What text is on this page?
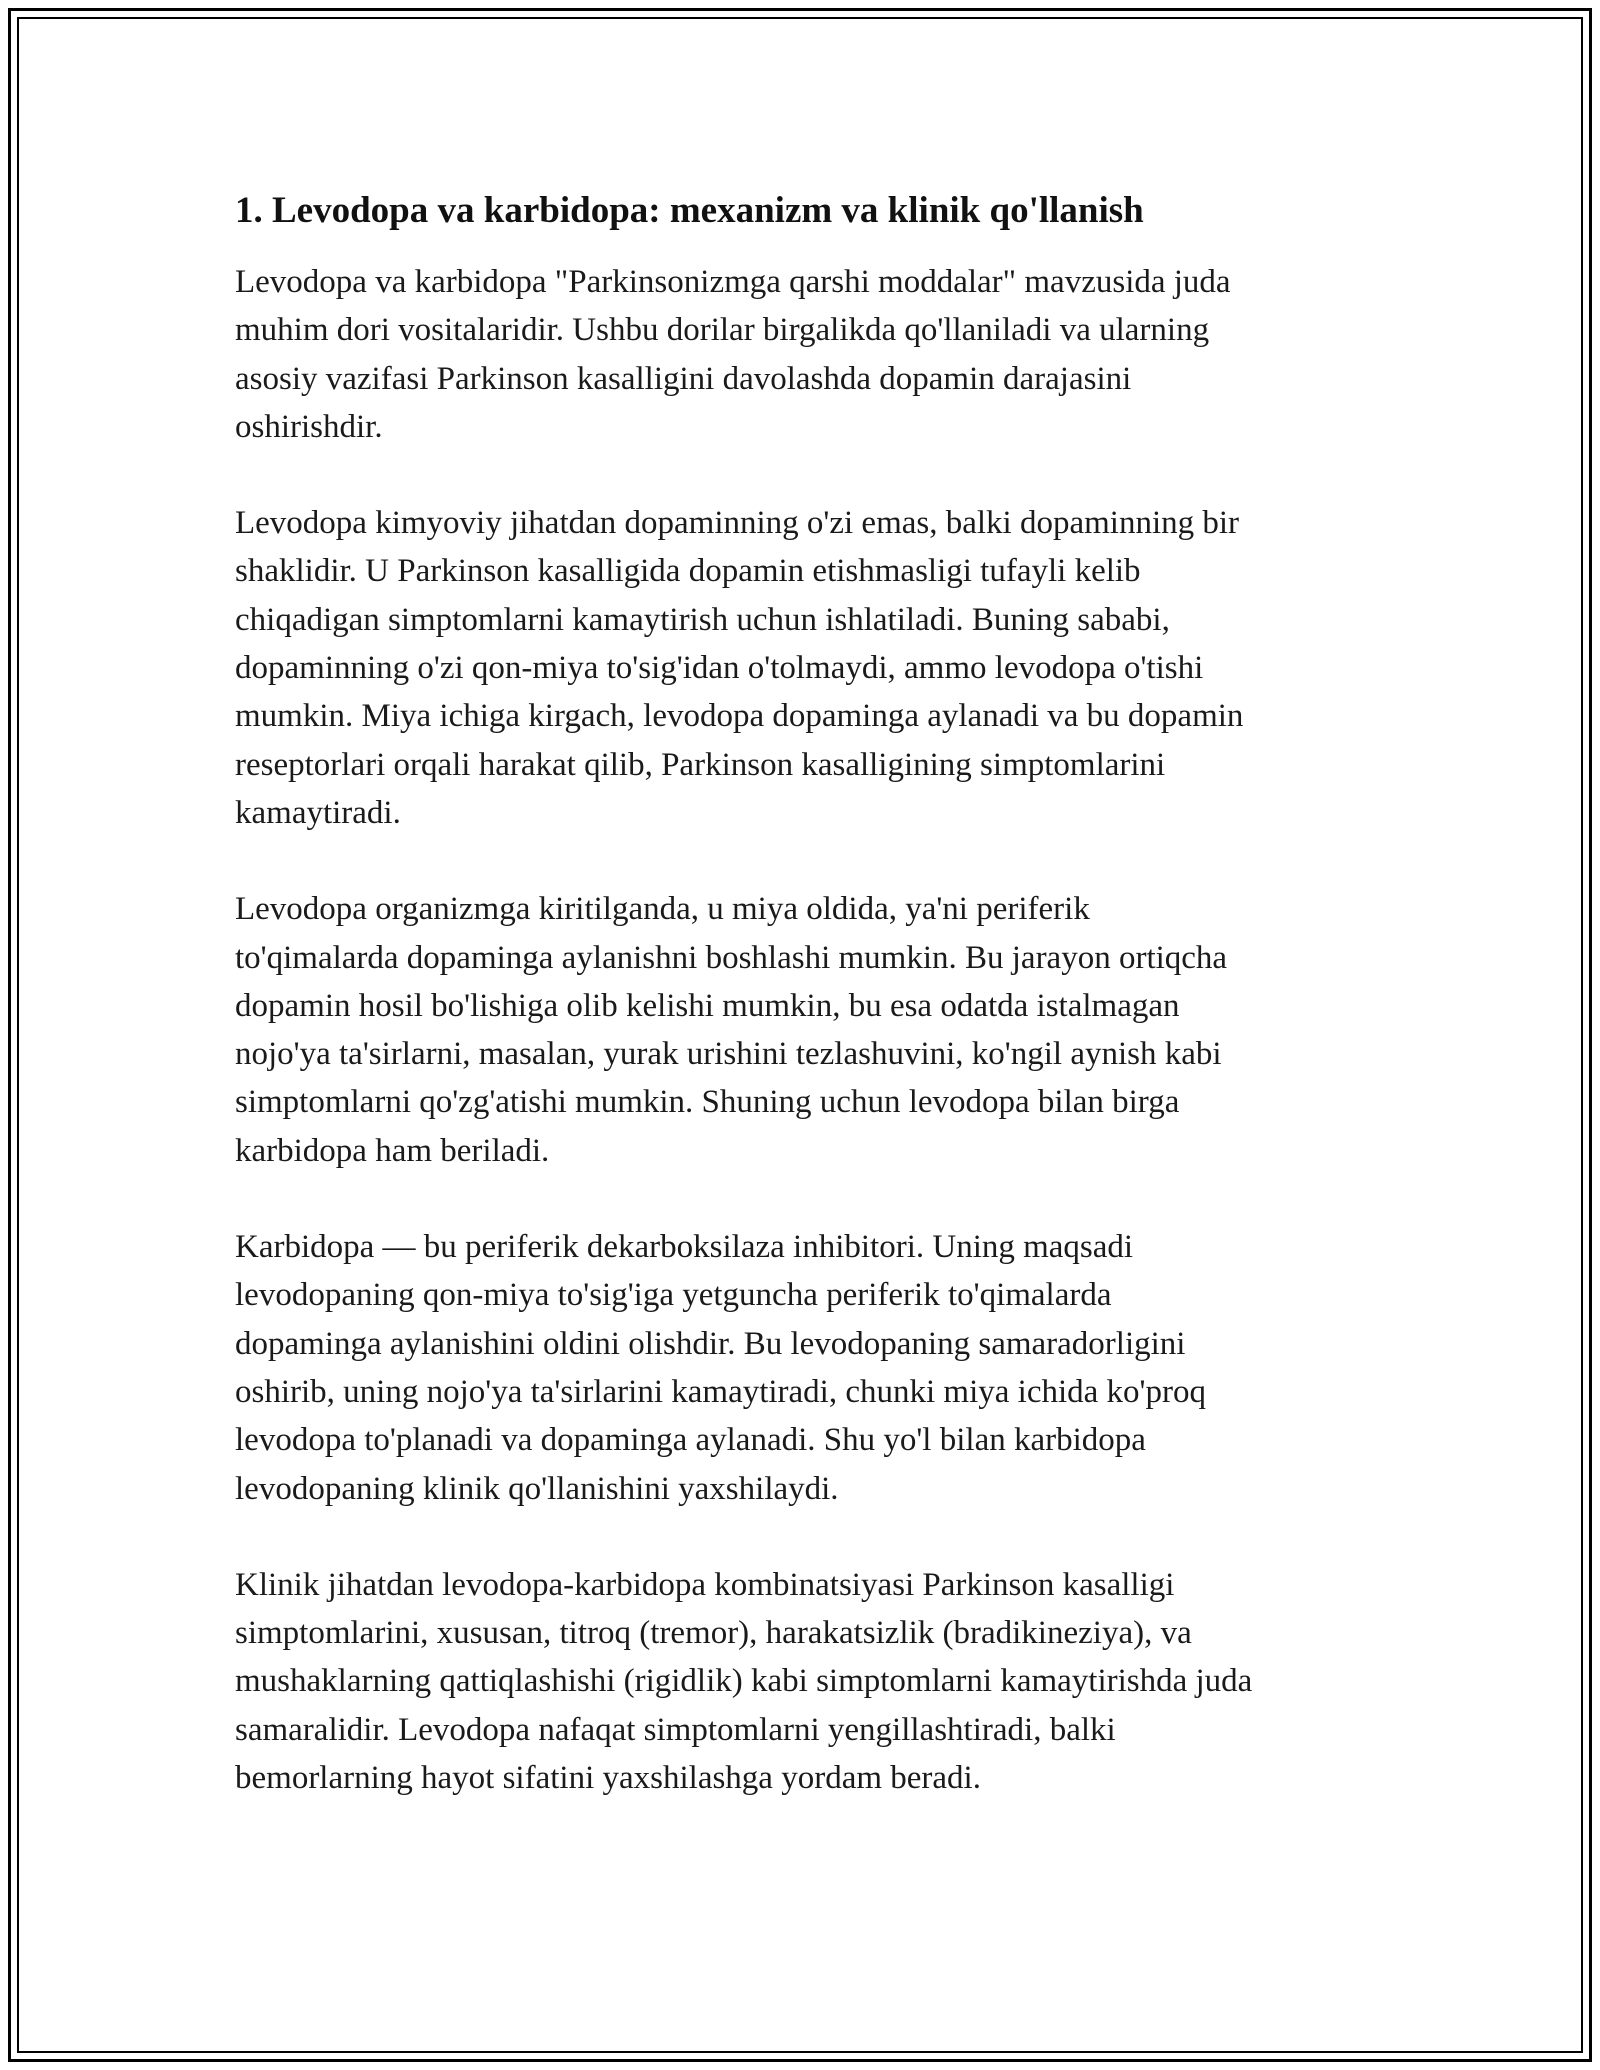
1. Levodopa va karbidopa: mexanizm va klinik qo'llanish
Levodopa va karbidopa "Parkinsonizmga qarshi moddalar" mavzusida juda
muhim dori vositalaridir. Ushbu dorilar birgalikda qo'llaniladi va ularning
asosiy vazifasi Parkinson kasalligini davolashda dopamin darajasini
oshirishdir.
Levodopa kimyoviy jihatdan dopaminning o'zi emas, balki dopaminning bir
shaklidir. U Parkinson kasalligida dopamin etishmasligi tufayli kelib
chiqadigan simptomlarni kamaytirish uchun ishlatiladi. Buning sababi,
dopaminning o'zi qon-miya to'sig'idan o'tolmaydi, ammo levodopa o'tishi
mumkin. Miya ichiga kirgach, levodopa dopaminga aylanadi va bu dopamin
reseptorlari orqali harakat qilib, Parkinson kasalligining simptomlarini
kamaytiradi.
Levodopa organizmga kiritilganda, u miya oldida, ya'ni periferik
to'qimalarda dopaminga aylanishni boshlashi mumkin. Bu jarayon ortiqcha
dopamin hosil bo'lishiga olib kelishi mumkin, bu esa odatda istalmagan
nojo'ya ta'sirlarni, masalan, yurak urishini tezlashuvini, ko'ngil aynish kabi
simptomlarni qo'zg'atishi mumkin. Shuning uchun levodopa bilan birga
karbidopa ham beriladi.
Karbidopa — bu periferik dekarboksilaza inhibitori. Uning maqsadi
levodopaning qon-miya to'sig'iga yetguncha periferik to'qimalarda
dopaminga aylanishini oldini olishdir. Bu levodopaning samaradorligini
oshirib, uning nojo'ya ta'sirlarini kamaytiradi, chunki miya ichida ko'proq
levodopa to'planadi va dopaminga aylanadi. Shu yo'l bilan karbidopa
levodopaning klinik qo'llanishini yaxshilaydi.
Klinik jihatdan levodopa-karbidopa kombinatsiyasi Parkinson kasalligi
simptomlarini, xususan, titroq (tremor), harakatsizlik (bradikineziya), va
mushaklarning qattiqlashishi (rigidlik) kabi simptomlarni kamaytirishda juda
samaralidir. Levodopa nafaqat simptomlarni yengillashtiradi, balki
bemorlarning hayot sifatini yaxshilashga yordam beradi.
